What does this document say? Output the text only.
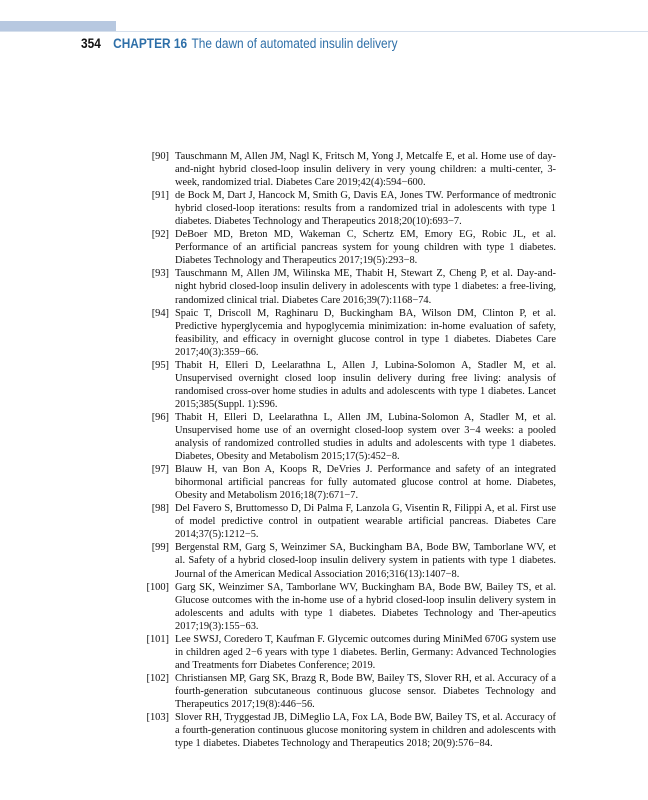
354 CHAPTER 16 The dawn of automated insulin delivery
[90] Tauschmann M, Allen JM, Nagl K, Fritsch M, Yong J, Metcalfe E, et al. Home use of day-and-night hybrid closed-loop insulin delivery in very young children: a multi-center, 3-week, randomized trial. Diabetes Care 2019;42(4):594−600.
[91] de Bock M, Dart J, Hancock M, Smith G, Davis EA, Jones TW. Performance of medtronic hybrid closed-loop iterations: results from a randomized trial in adolescents with type 1 diabetes. Diabetes Technology and Therapeutics 2018;20(10):693−7.
[92] DeBoer MD, Breton MD, Wakeman C, Schertz EM, Emory EG, Robic JL, et al. Performance of an artificial pancreas system for young children with type 1 diabetes. Diabetes Technology and Therapeutics 2017;19(5):293−8.
[93] Tauschmann M, Allen JM, Wilinska ME, Thabit H, Stewart Z, Cheng P, et al. Day-and-night hybrid closed-loop insulin delivery in adolescents with type 1 diabetes: a free-living, randomized clinical trial. Diabetes Care 2016;39(7):1168−74.
[94] Spaic T, Driscoll M, Raghinaru D, Buckingham BA, Wilson DM, Clinton P, et al. Predictive hyperglycemia and hypoglycemia minimization: in-home evaluation of safety, feasibility, and efficacy in overnight glucose control in type 1 diabetes. Diabetes Care 2017;40(3):359−66.
[95] Thabit H, Elleri D, Leelarathna L, Allen J, Lubina-Solomon A, Stadler M, et al. Unsupervised overnight closed loop insulin delivery during free living: analysis of randomised cross-over home studies in adults and adolescents with type 1 diabetes. Lancet 2015;385(Suppl. 1):S96.
[96] Thabit H, Elleri D, Leelarathna L, Allen JM, Lubina-Solomon A, Stadler M, et al. Unsupervised home use of an overnight closed-loop system over 3−4 weeks: a pooled analysis of randomized controlled studies in adults and adolescents with type 1 diabetes. Diabetes, Obesity and Metabolism 2015;17(5):452−8.
[97] Blauw H, van Bon A, Koops R, DeVries J. Performance and safety of an integrated bihormonal artificial pancreas for fully automated glucose control at home. Diabetes, Obesity and Metabolism 2016;18(7):671−7.
[98] Del Favero S, Bruttomesso D, Di Palma F, Lanzola G, Visentin R, Filippi A, et al. First use of model predictive control in outpatient wearable artificial pancreas. Diabetes Care 2014;37(5):1212−5.
[99] Bergenstal RM, Garg S, Weinzimer SA, Buckingham BA, Bode BW, Tamborlane WV, et al. Safety of a hybrid closed-loop insulin delivery system in patients with type 1 diabetes. Journal of the American Medical Association 2016;316(13):1407−8.
[100] Garg SK, Weinzimer SA, Tamborlane WV, Buckingham BA, Bode BW, Bailey TS, et al. Glucose outcomes with the in-home use of a hybrid closed-loop insulin delivery system in adolescents and adults with type 1 diabetes. Diabetes Technology and Ther-apeutics 2017;19(3):155−63.
[101] Lee SWSJ, Coredero T, Kaufman F. Glycemic outcomes during MiniMed 670G system use in children aged 2−6 years with type 1 diabetes. Berlin, Germany: Advanced Technologies and Treatments forr Diabetes Conference; 2019.
[102] Christiansen MP, Garg SK, Brazg R, Bode BW, Bailey TS, Slover RH, et al. Accuracy of a fourth-generation subcutaneous continuous glucose sensor. Diabetes Technology and Therapeutics 2017;19(8):446−56.
[103] Slover RH, Tryggestad JB, DiMeglio LA, Fox LA, Bode BW, Bailey TS, et al. Accuracy of a fourth-generation continuous glucose monitoring system in children and adolescents with type 1 diabetes. Diabetes Technology and Therapeutics 2018; 20(9):576−84.
